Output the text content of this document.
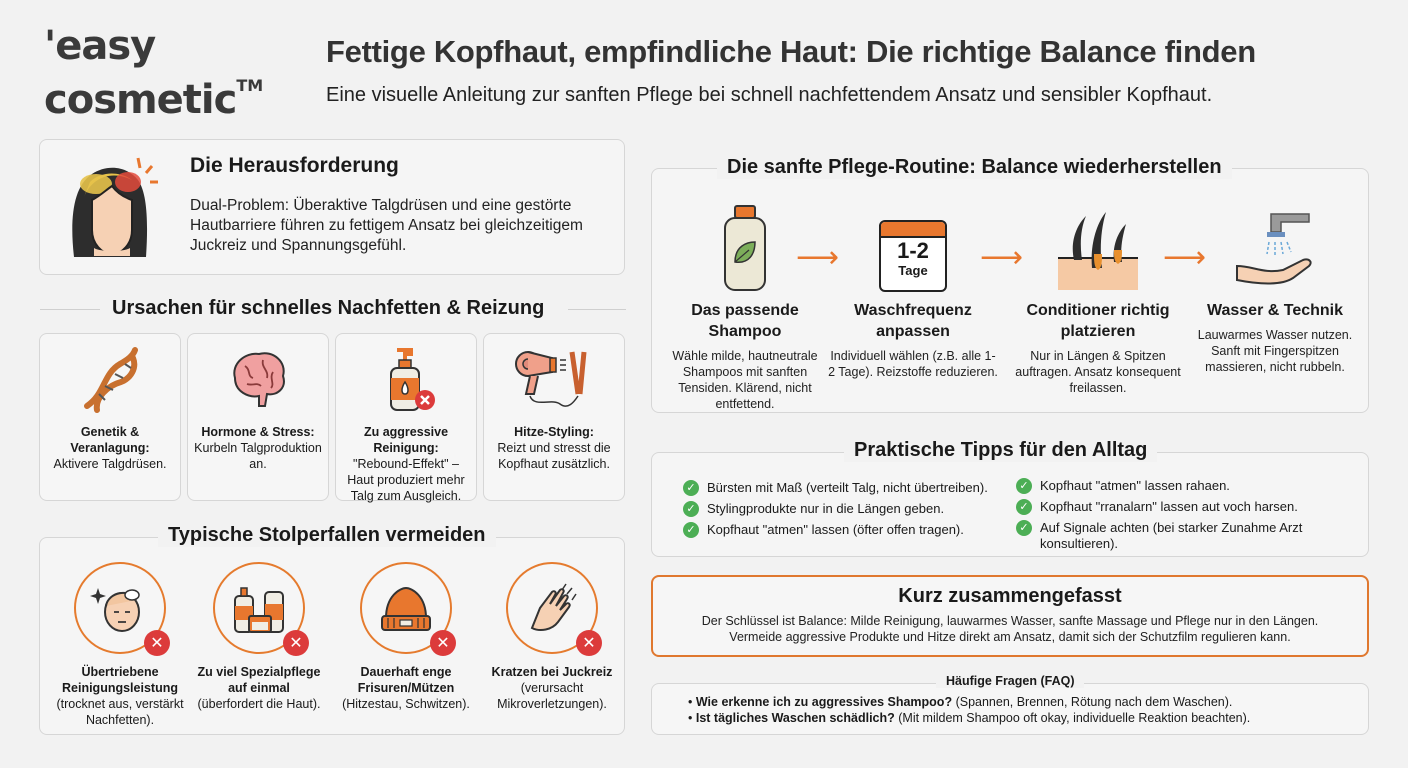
'easy
cosmetic™
Fettige Kopfhaut, empfindliche Haut: Die richtige Balance finden
Eine visuelle Anleitung zur sanften Pflege bei schnell nachfettendem Ansatz und sensibler Kopfhaut.
Die Herausforderung
Dual-Problem: Überaktive Talgdrüsen und eine gestörte Hautbarriere führen zu fettigem Ansatz bei gleichzeitigem Juckreiz und Spannungsgefühl.
Ursachen für schnelles Nachfetten & Reizung
Genetik & Veranlagung:
Aktivere Talgdrüsen.
Hormone & Stress:
Kurbeln Talgproduktion an.
Zu aggressive Reinigung:
"Rebound-Effekt" – Haut produziert mehr Talg zum Ausgleich.
Hitze-Styling:
Reizt und stresst die Kopfhaut zusätzlich.
Typische Stolperfallen vermeiden
✕
Übertriebene Reinigungsleistung
(trocknet aus, verstärkt Nachfetten).
✕
Zu viel Spezialpflege auf einmal
(überfordert die Haut).
✕
Dauerhaft enge Frisuren/Mützen
(Hitzestau, Schwitzen).
✕
Kratzen bei Juckreiz
(verursacht Mikroverletzungen).
Die sanfte Pflege-Routine: Balance wiederherstellen
Das passende Shampoo
Wähle milde, hautneutrale Shampoos mit sanften Tensiden. Klärend, nicht entfettend.
⟶	1-2
Tage
Waschfrequenz anpassen
Individuell wählen (z.B. alle 1-2 Tage). Reizstoffe reduzieren.
⟶
Conditioner richtig platzieren
Nur in Längen & Spitzen auftragen. Ansatz konsequent freilassen.
⟶
Wasser & Technik
Lauwarmes Wasser nutzen. Sanft mit Fingerspitzen massieren, nicht rubbeln.
Praktische Tipps für den Alltag
✓ Bürsten mit Maß (verteilt Talg, nicht übertreiben).
✓ Stylingprodukte nur in die Längen geben.
✓ Kopfhaut "atmen" lassen (öfter offen tragen).
✓ Kopfhaut "atmen" lassen rahaen.
✓ Kopfhaut "rranalarn" lassen aut voch harsen.
✓ Auf Signale achten (bei starker Zunahme Arzt konsultieren).
Kurz zusammengefasst
Der Schlüssel ist Balance: Milde Reinigung, lauwarmes Wasser, sanfte Massage und Pflege nur in den Längen.
Vermeide aggressive Produkte und Hitze direkt am Ansatz, damit sich der Schutzfilm regulieren kann.
• Wie erkenne ich zu aggressives Shampoo? (Spannen, Brennen, Rötung nach dem Waschen).
• Ist tägliches Waschen schädlich? (Mit mildem Shampoo oft okay, individuelle Reaktion beachten).
Häufige Fragen (FAQ)
